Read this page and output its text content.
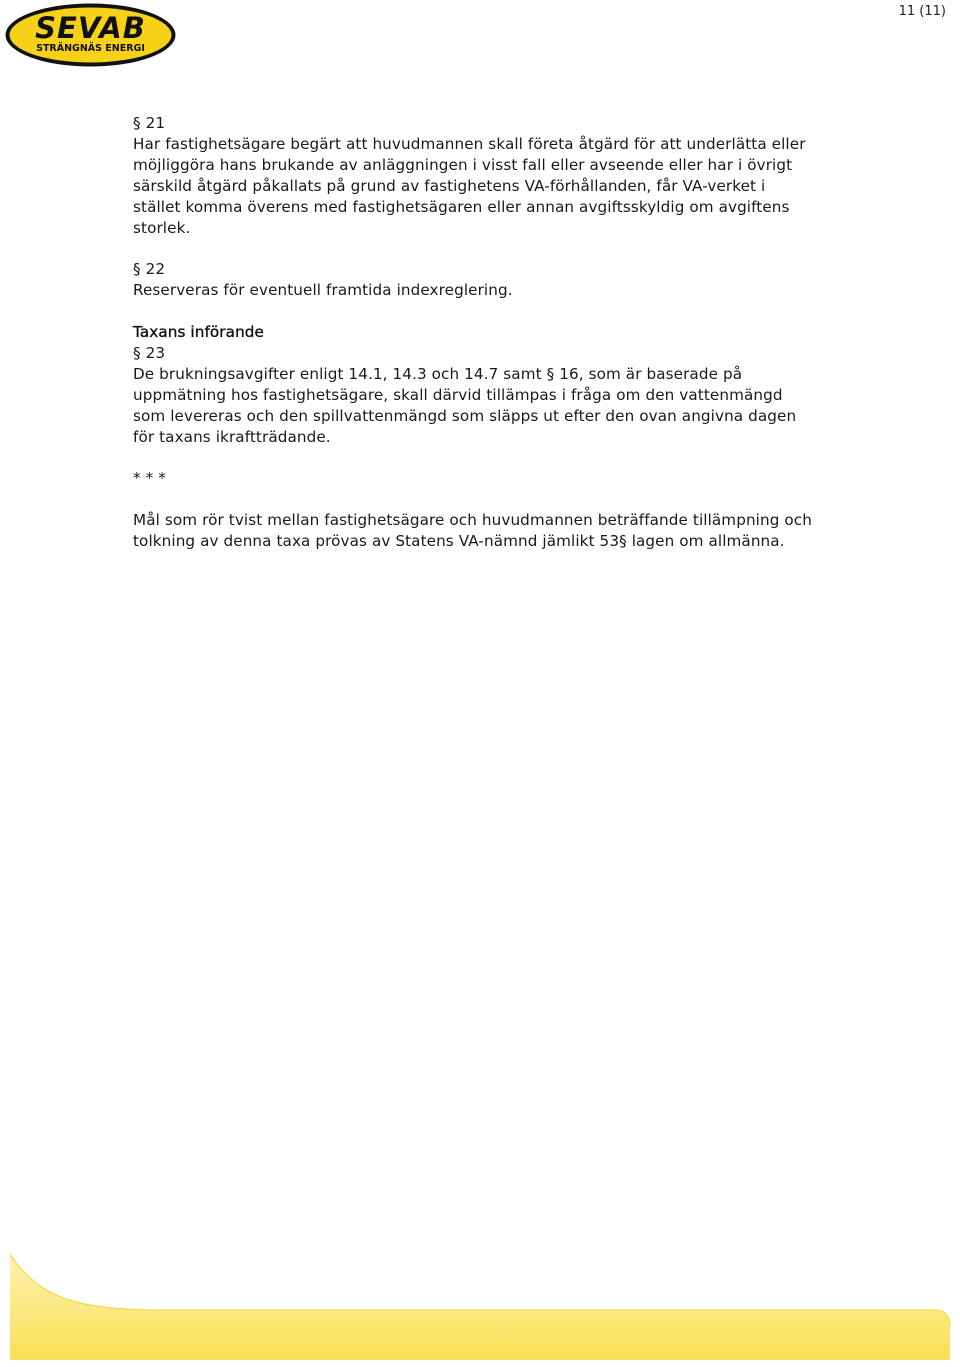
SEVAB
STRÄNGNÄS ENERGI
11 (11)

§ 21

Har fastighetsägare begärt att huvudmannen skall företa åtgärd för att underlätta eller

möjliggöra hans brukande av anläggningen i visst fall eller avseende eller har i övrigt

särskild åtgärd påkallats på grund av fastighetens VA-förhållanden, får VA-verket i

stället komma överens med fastighetsägaren eller annan avgiftsskyldig om avgiftens

storlek.

§ 22

Reserveras för eventuell framtida indexreglering.

Taxans införande

§ 23

De brukningsavgifter enligt 14.1, 14.3 och 14.7 samt § 16, som är baserade på

uppmätning hos fastighetsägare, skall därvid tillämpas i fråga om den vattenmängd

som levereras och den spillvattenmängd som släpps ut efter den ovan angivna dagen

för taxans ikraftträdande.

* * *

Mål som rör tvist mellan fastighetsägare och huvudmannen beträffande tillämpning och

tolkning av denna taxa prövas av Statens VA-nämnd jämlikt 53§ lagen om allmänna.
